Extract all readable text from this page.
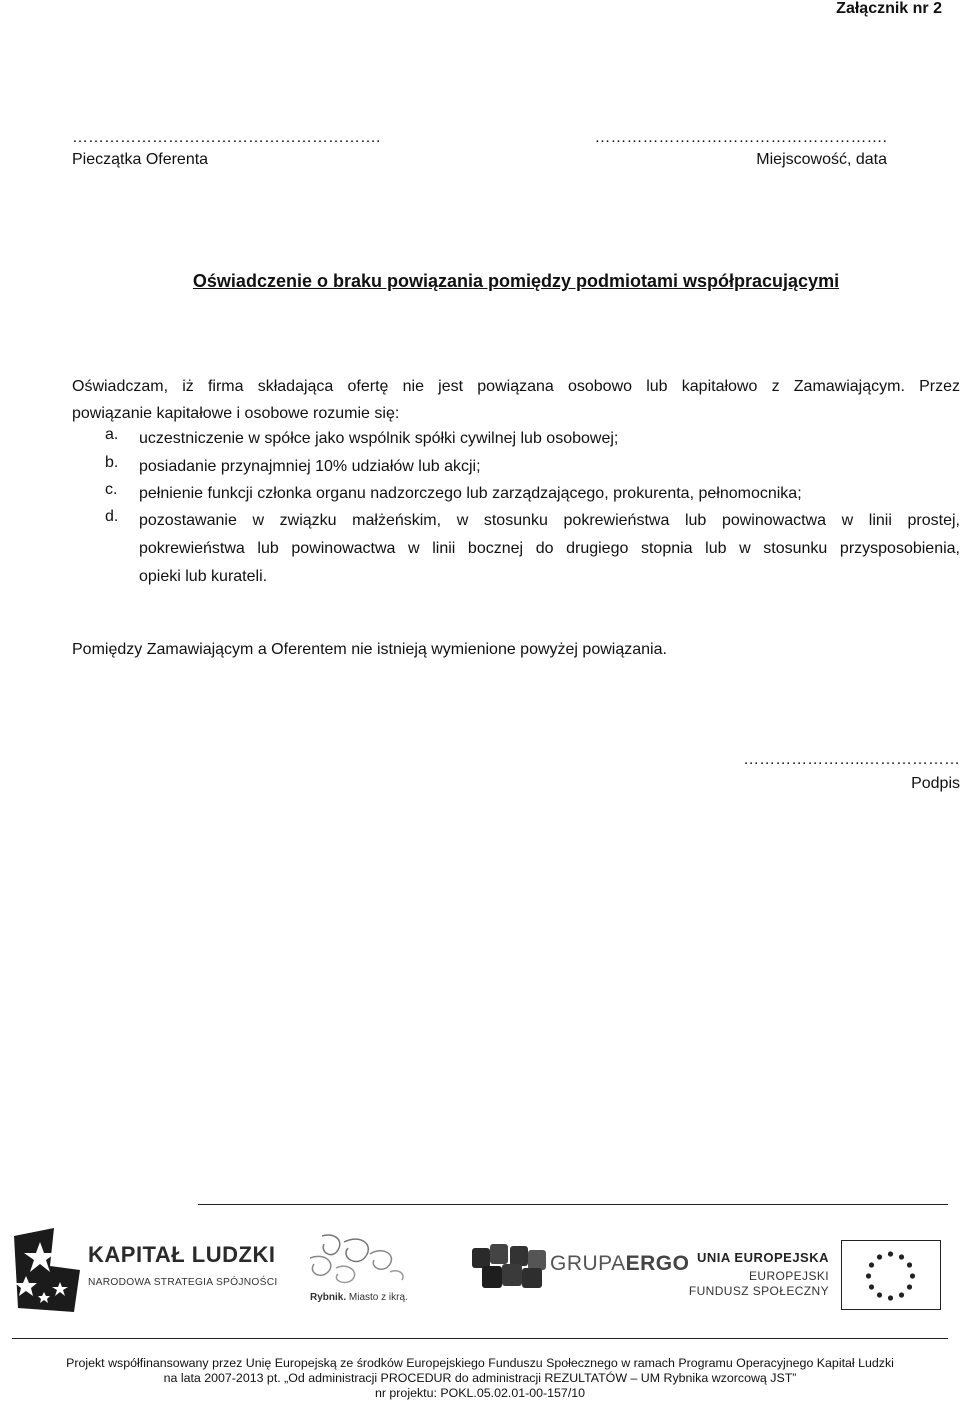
Załącznik nr 2
………………………………………………….	……………………………………………….
Pieczątka Oferenta	Miejscowość, data
Oświadczenie o braku powiązania pomiędzy podmiotami współpracującymi
Oświadczam, iż firma składająca ofertę nie jest powiązana osobowo lub kapitałowo z Zamawiającym. Przez
powiązanie kapitałowe i osobowe rozumie się:
a. uczestniczenie w spółce jako wspólnik spółki cywilnej lub osobowej;
b. posiadanie przynajmniej 10% udziałów lub akcji;
c. pełnienie funkcji członka organu nadzorczego lub zarządzającego, prokurenta, pełnomocnika;
d. pozostawanie w związku małżeńskim, w stosunku pokrewieństwa lub powinowactwa w linii prostej,
pokrewieństwa lub powinowactwa w linii bocznej do drugiego stopnia lub w stosunku przysposobienia,
opieki lub kurateli.
Pomiędzy Zamawiającym a Oferentem nie istnieją wymienione powyżej powiązania.
…………………..………………
Podpis
KAPITAŁ LUDZKI
NARODOWA STRATEGIA SPÓJNOŚCI
Rybnik. Miasto z ikrą.
GRUPAERGO UNIA EUROPEJSKA
EUROPEJSKI
FUNDUSZ SPOŁECZNY
Projekt współfinansowany przez Unię Europejską ze środków Europejskiego Funduszu Społecznego w ramach Programu Operacyjnego Kapitał Ludzki
na lata 2007-2013 pt. „Od administracji PROCEDUR do administracji REZULTATÓW – UM Rybnika wzorcową JST”
nr projektu: POKL.05.02.01-00-157/10
